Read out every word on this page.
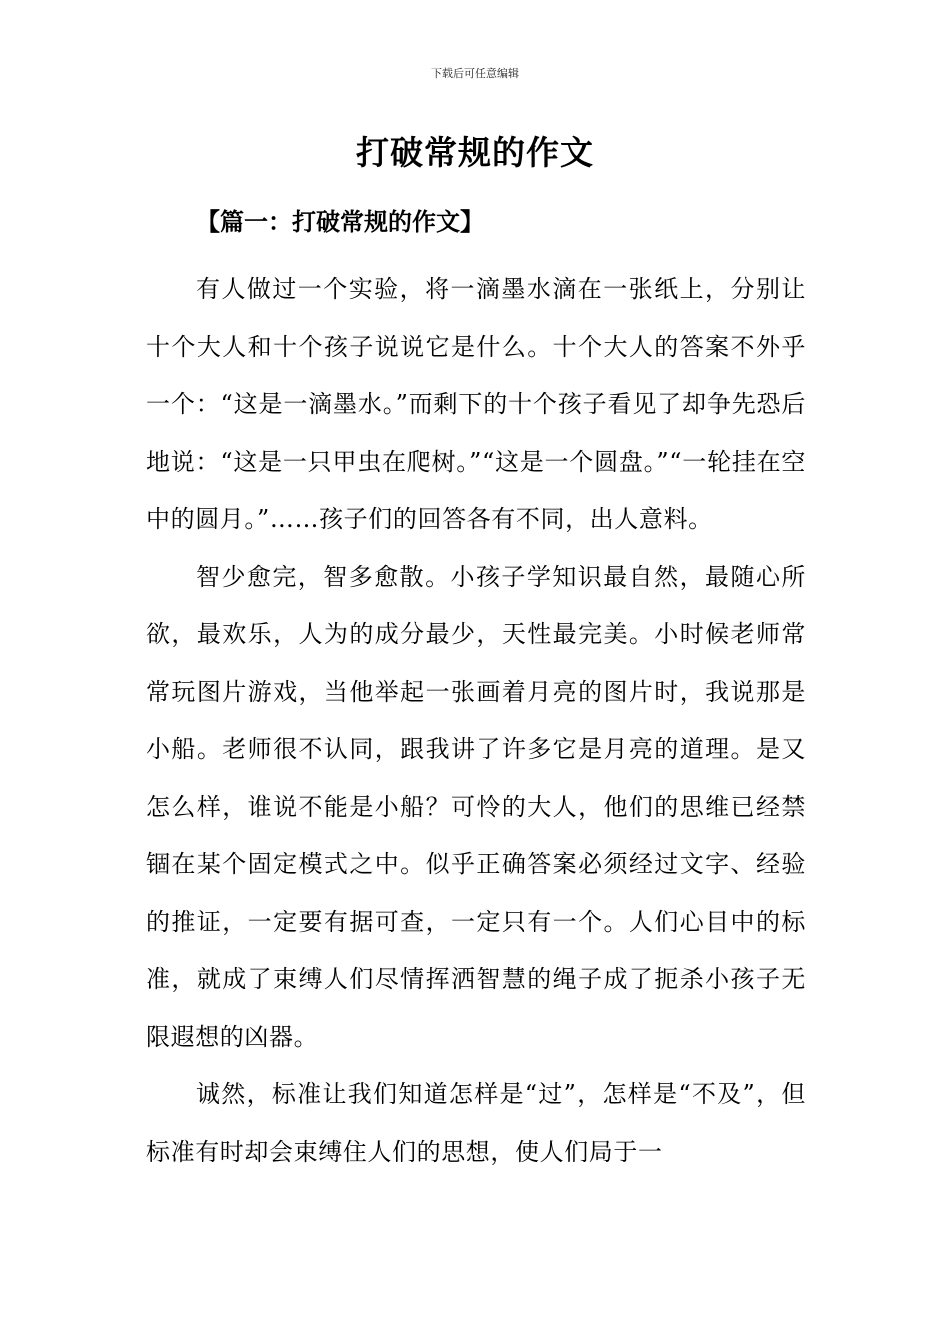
下载后可任意编辑
打破常规的作文
【篇一：打破常规的作文】

有人做过一个实验，将一滴墨水滴在一张纸上，分别让十个大人和十个孩子说说它是什么。十个大人的答案不外乎一个：“这是一滴墨水。”而剩下的十个孩子看见了却争先恐后地说：“这是一只甲虫在爬树。”“这是一个圆盘。”“一轮挂在空中的圆月。”……孩子们的回答各有不同，出人意料。

智少愈完，智多愈散。小孩子学知识最自然，最随心所欲，最欢乐，人为的成分最少，天性最完美。小时候老师常常玩图片游戏，当他举起一张画着月亮的图片时，我说那是小船。老师很不认同，跟我讲了许多它是月亮的道理。是又怎么样，谁说不能是小船？可怜的大人，他们的思维已经禁锢在某个固定模式之中。似乎正确答案必须经过文字、经验的推证，一定要有据可查，一定只有一个。人们心目中的标准，就成了束缚人们尽情挥洒智慧的绳子成了扼杀小孩子无限遐想的凶器。

诚然，标准让我们知道怎样是“过”，怎样是“不及”，但标准有时却会束缚住人们的思想，使人们局于一
